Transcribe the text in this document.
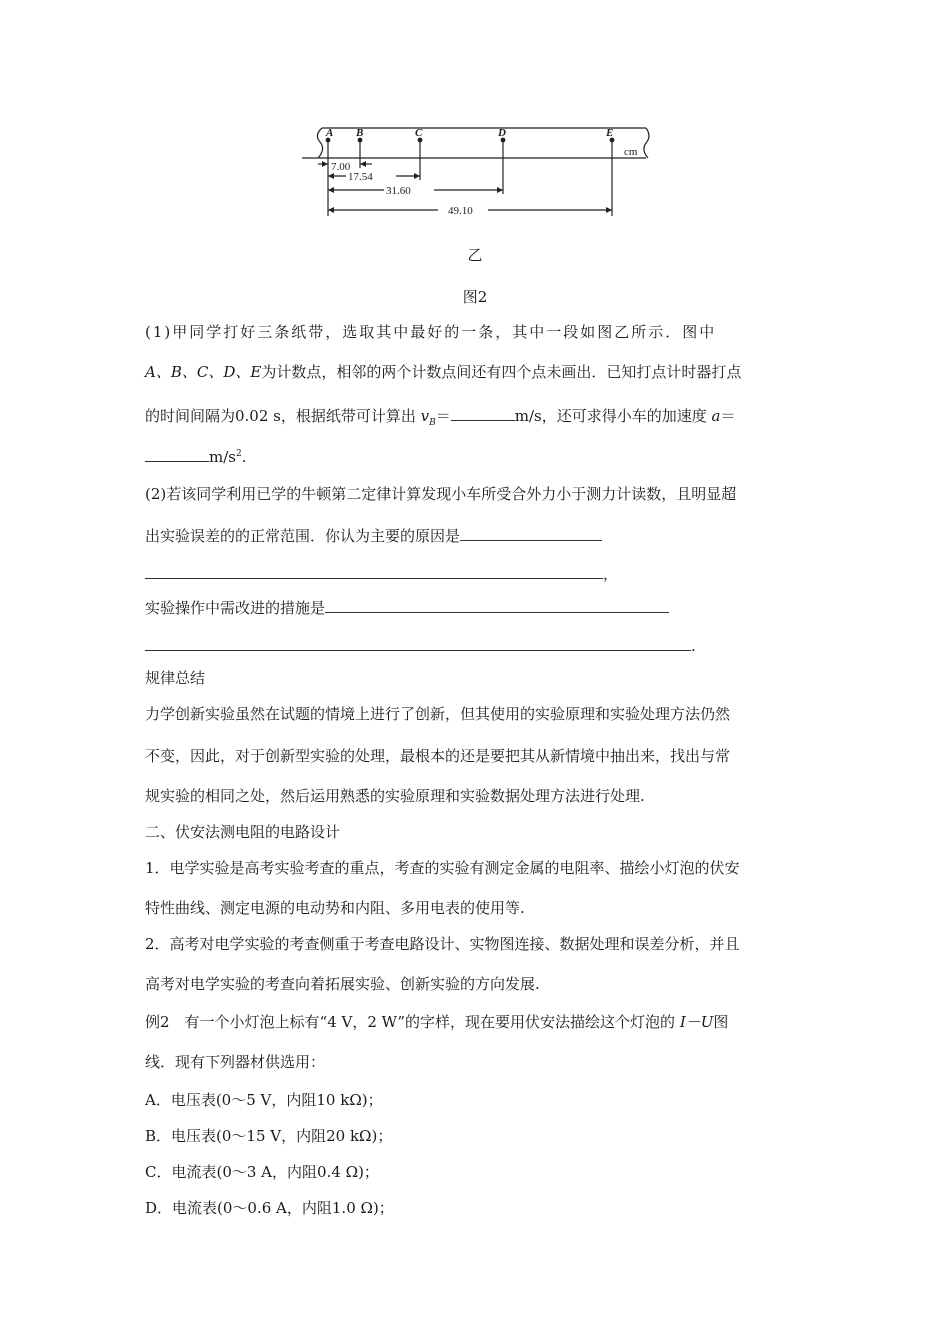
A B	C	D	E
cm
7.00
17.54
31.60
49.10
乙
图2
(1)甲同学打好三条纸带，选取其中最好的一条，其中一段如图乙所示．图中
A、B、C、D、E为计数点，相邻的两个计数点间还有四个点未画出．已知打点计时器打点
的时间间隔为0.02 s，根据纸带可计算出 $v_B=$	m/s，还可求得小车的加速度 a＝
$m/s^2$.
(2)若该同学利用已学的牛顿第二定律计算发现小车所受合外力小于测力计读数，且明显超
出实验误差的的正常范围．你认为主要的原因是
，
实验操作中需改进的措施是
.
规律总结
力学创新实验虽然在试题的情境上进行了创新，但其使用的实验原理和实验处理方法仍然
不变，因此，对于创新型实验的处理，最根本的还是要把其从新情境中抽出来，找出与常
规实验的相同之处，然后运用熟悉的实验原理和实验数据处理方法进行处理.
二、伏安法测电阻的电路设计
1．电学实验是高考实验考查的重点，考查的实验有测定金属的电阻率、描绘小灯泡的伏安
特性曲线、测定电源的电动势和内阻、多用电表的使用等.
2．高考对电学实验的考查侧重于考查电路设计、实物图连接、数据处理和误差分析，并且
高考对电学实验的考查向着拓展实验、创新实验的方向发展.
例2　有一个小灯泡上标有“4 V，2 W”的字样，现在要用伏安法描绘这个灯泡的 I－U图
线．现有下列器材供选用：
A．电压表(0～5 V，内阻10 kΩ)；
B．电压表(0～15 V，内阻20 kΩ)；
C．电流表(0～3 A，内阻0.4 Ω)；
D．电流表(0～0.6 A，内阻1.0 Ω)；
